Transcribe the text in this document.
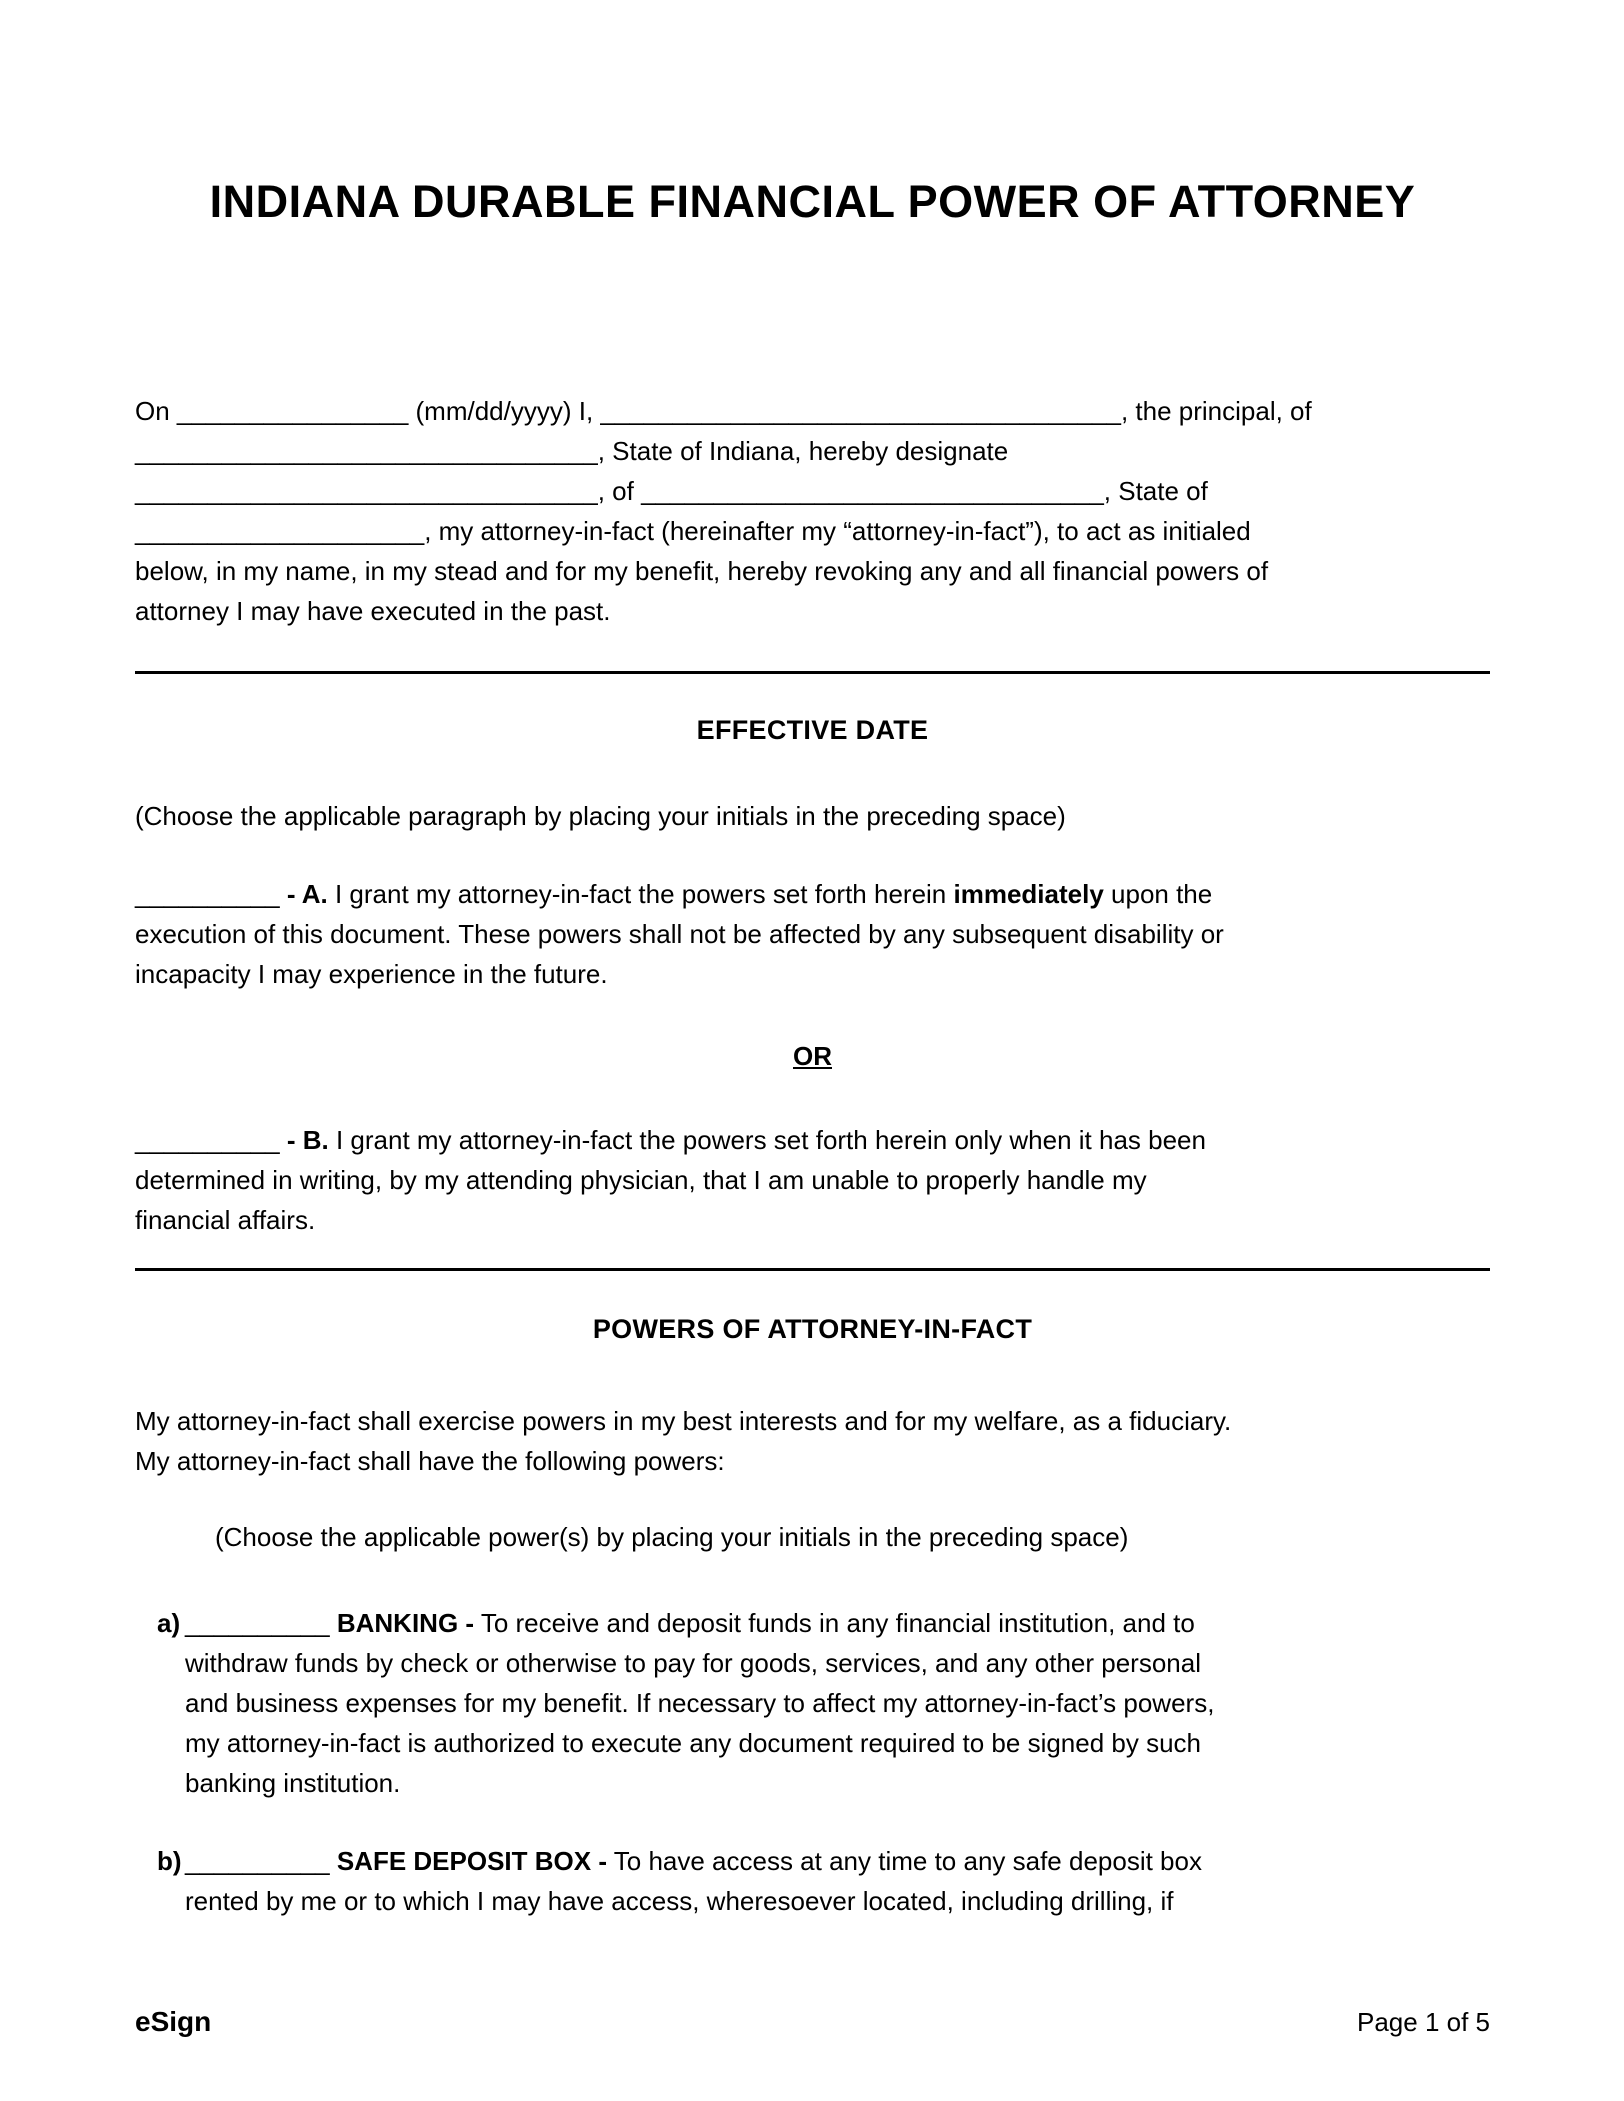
INDIANA DURABLE FINANCIAL POWER OF ATTORNEY
On ________________ (mm/dd/yyyy) I, ____________________________________, the principal, of
________________________________, State of Indiana, hereby designate
________________________________, of ________________________________, State of
____________________, my attorney-in-fact (hereinafter my “attorney-in-fact”), to act as initialed
below, in my name, in my stead and for my benefit, hereby revoking any and all financial powers of
attorney I may have executed in the past.
EFFECTIVE DATE
(Choose the applicable paragraph by placing your initials in the preceding space)
__________ - A. I grant my attorney-in-fact the powers set forth herein immediately upon the
execution of this document. These powers shall not be affected by any subsequent disability or
incapacity I may experience in the future.
OR
__________ - B. I grant my attorney-in-fact the powers set forth herein only when it has been
determined in writing, by my attending physician, that I am unable to properly handle my
financial affairs.
POWERS OF ATTORNEY-IN-FACT
My attorney-in-fact shall exercise powers in my best interests and for my welfare, as a fiduciary.
My attorney-in-fact shall have the following powers:
(Choose the applicable power(s) by placing your initials in the preceding space)
a) __________ BANKING - To receive and deposit funds in any financial institution, and to
withdraw funds by check or otherwise to pay for goods, services, and any other personal
and business expenses for my benefit. If necessary to affect my attorney-in-fact’s powers,
my attorney-in-fact is authorized to execute any document required to be signed by such
banking institution.
b) __________ SAFE DEPOSIT BOX - To have access at any time to any safe deposit box
rented by me or to which I may have access, wheresoever located, including drilling, if
eSign	Page 1 of 5
